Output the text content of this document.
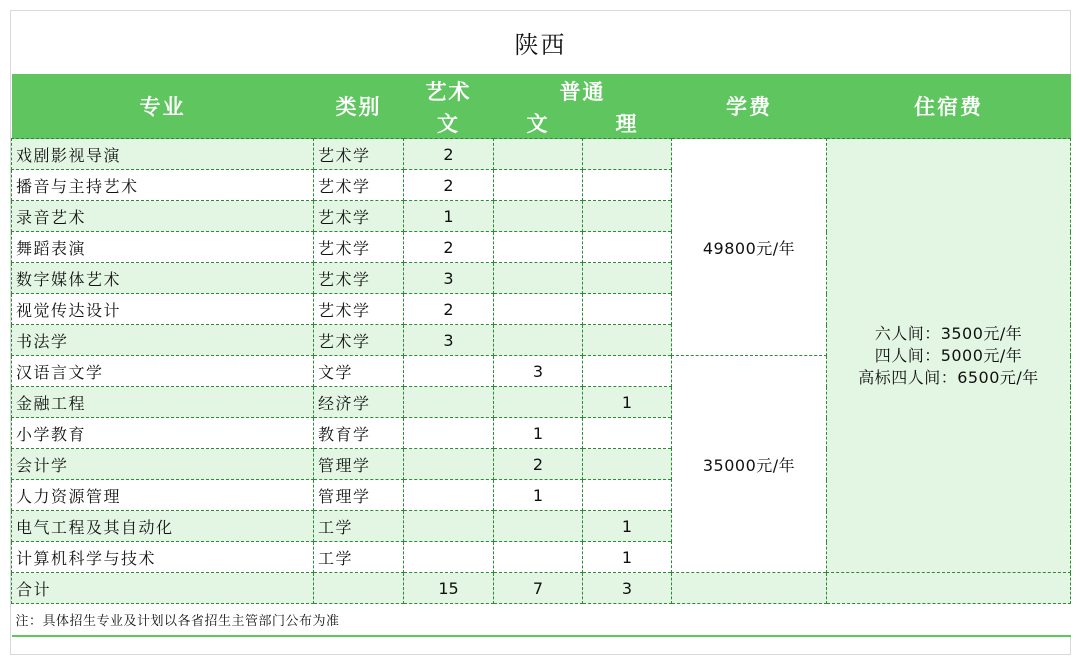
陕西
专业	类别	艺术	普通		学费	住宿费
		文	文	理		
戏剧影视导演	艺术学	2			49800元/年	六人间：3500元/年
四人间：5000元/年
高标四人间：6500元/年

播音与主持艺术	艺术学	2				
录音艺术	艺术学	1				
舞蹈表演	艺术学	2				
数字媒体艺术	艺术学	3				
视觉传达设计	艺术学	2				
书法学	艺术学	3				
汉语言文学	文学		3		35000元/年	
金融工程	经济学			1		
小学教育	教育学		1			
会计学	管理学		2			
人力资源管理	管理学		1			
电气工程及其自动化	工学			1		
计算机科学与技术	工学			1		
合计		15	7	3		
注：具体招生专业及计划以各省招生主管部门公布为准						
